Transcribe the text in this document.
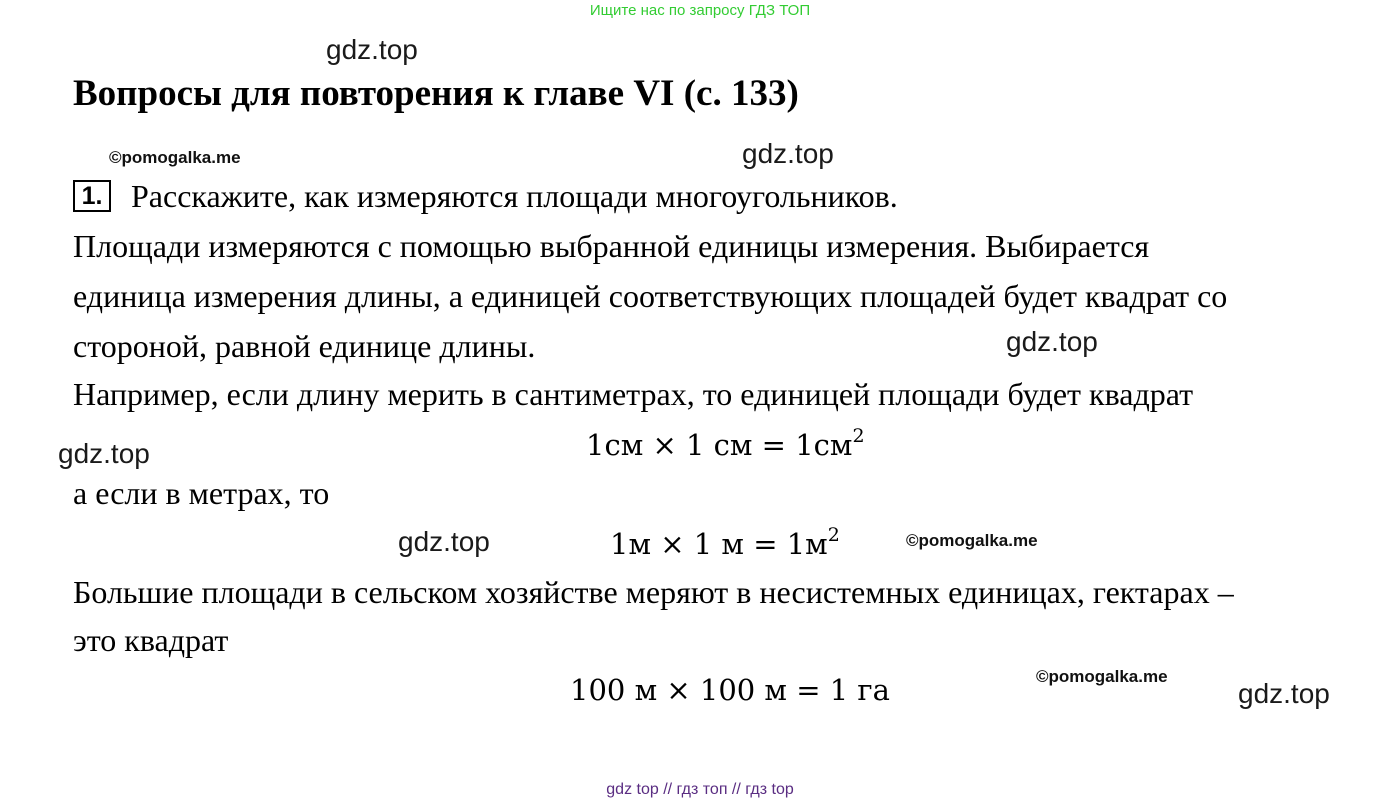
Ищите нас по запросу ГДЗ ТОП
gdz.top
Вопросы для повторения к главе VI (с. 133)
©pomogalka.me	gdz.top
1. Расскажите, как измеряются площади многоугольников.
Площади измеряются с помощью выбранной единицы измерения. Выбирается
единица измерения длины, а единицей соответствующих площадей будет квадрат со
стороной, равной единице длины.	gdz.top
Например, если длину мерить в сантиметрах, то единицей площади будет квадрат
1см × 1 см = $1см^2$
gdz.top
а если в метрах, то
gdz.top	1м × 1 $м = 1м^2$	©pomogalka.me
Большие площади в сельском хозяйстве меряют в несистемных единицах, гектарах –
это квадрат
©pomogalka.me
100 м × 100 м = 1 га	gdz.top
gdz top // гдз топ // гдз top
